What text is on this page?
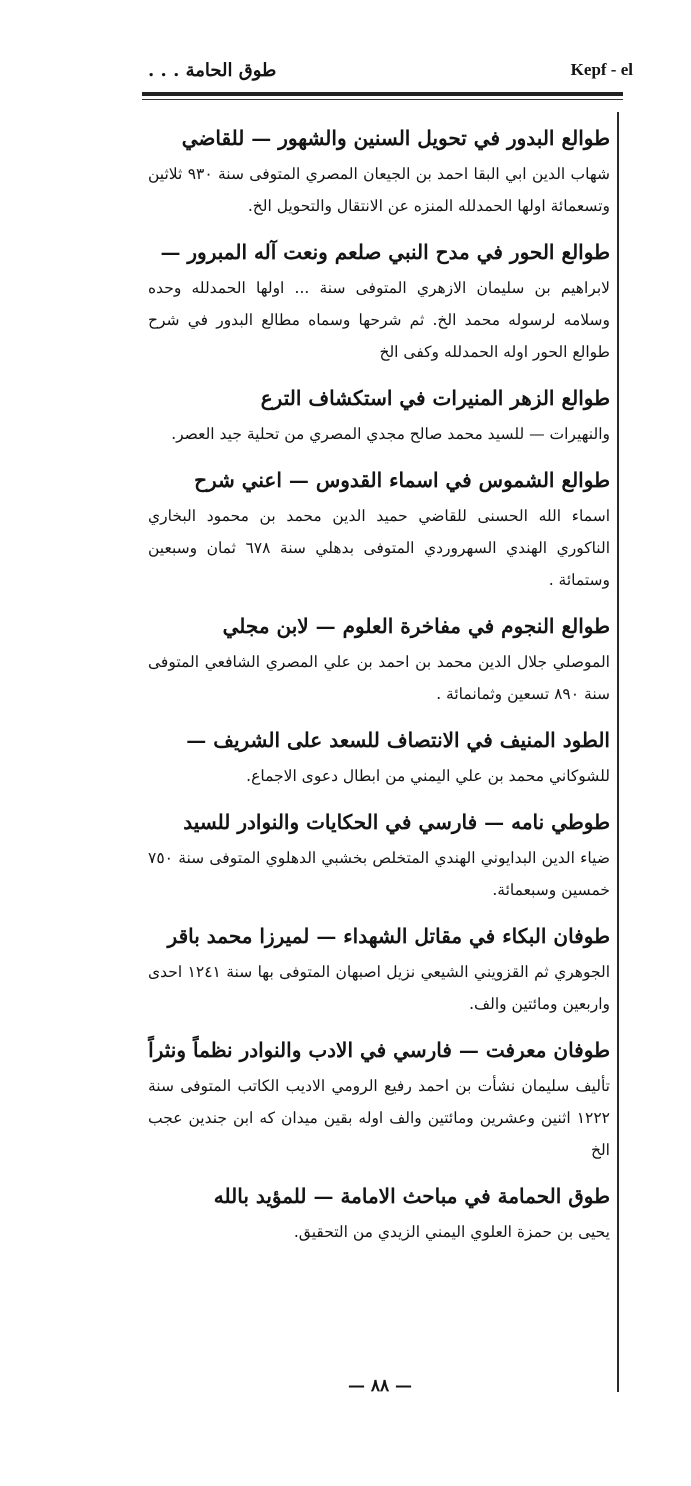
طوق الحامة . . .	Kepf - el
طوالع البدور في تحويل السنين والشهور — للقاضي
شهاب الدين ابي البقا احمد بن الجيعان المصري المتوفى سنة ٩٣٠ ثلاثين وتسعمائة اولها الحمدلله المنزه عن الانتقال والتحويل الخ.
طوالع الحور في مدح النبي صلعم ونعت آله المبرور —
لابراهيم بن سليمان الازهري المتوفى سنة ... اولها الحمدلله وحده وسلامه لرسوله محمد الخ. ثم شرحها وسماه مطالع البدور في شرح طوالع الحور اوله الحمدلله وكفى الخ
طوالع الزهر المنيرات في استكشاف الترع
والنهيرات — للسيد محمد صالح مجدي المصري من تحلية جيد العصر.
طوالع الشموس في اسماء القدوس — اعني شرح
اسماء الله الحسنى للقاضي حميد الدين محمد بن محمود البخاري الناكوري الهندي السهروردي المتوفى بدهلي سنة ٦٧٨ ثمان وسبعين وستمائة .
طوالع النجوم في مفاخرة العلوم — لابن مجلي
الموصلي جلال الدين محمد بن احمد بن علي المصري الشافعي المتوفى سنة ٨٩٠ تسعين وثمانمائة .
الطود المنيف في الانتصاف للسعد على الشريف —
للشوكاني محمد بن علي اليمني من ابطال دعوى الاجماع.
طوطي نامه — فارسي في الحكايات والنوادر للسيد
ضياء الدين البدايوني الهندي المتخلص بخشبي الدهلوي المتوفى سنة ٧٥٠ خمسين وسبعمائة.
طوفان البكاء في مقاتل الشهداء — لميرزا محمد باقر
الجوهري ثم القزويني الشيعي نزيل اصبهان المتوفى بها سنة ١٢٤١ احدى واربعين ومائتين والف.
طوفان معرفت — فارسي في الادب والنوادر نظماً ونثراً
تأليف سليمان نشأت بن احمد رفيع الرومي الاديب الكاتب المتوفى سنة ١٢٢٢ اثنين وعشرين ومائتين والف اوله بقين ميدان كه ابن جندين عجب الخ
طوق الحمامة في مباحث الامامة — للمؤيد بالله
يحيى بن حمزة العلوي اليمني الزيدي من التحقيق.
— ٨٨ —
